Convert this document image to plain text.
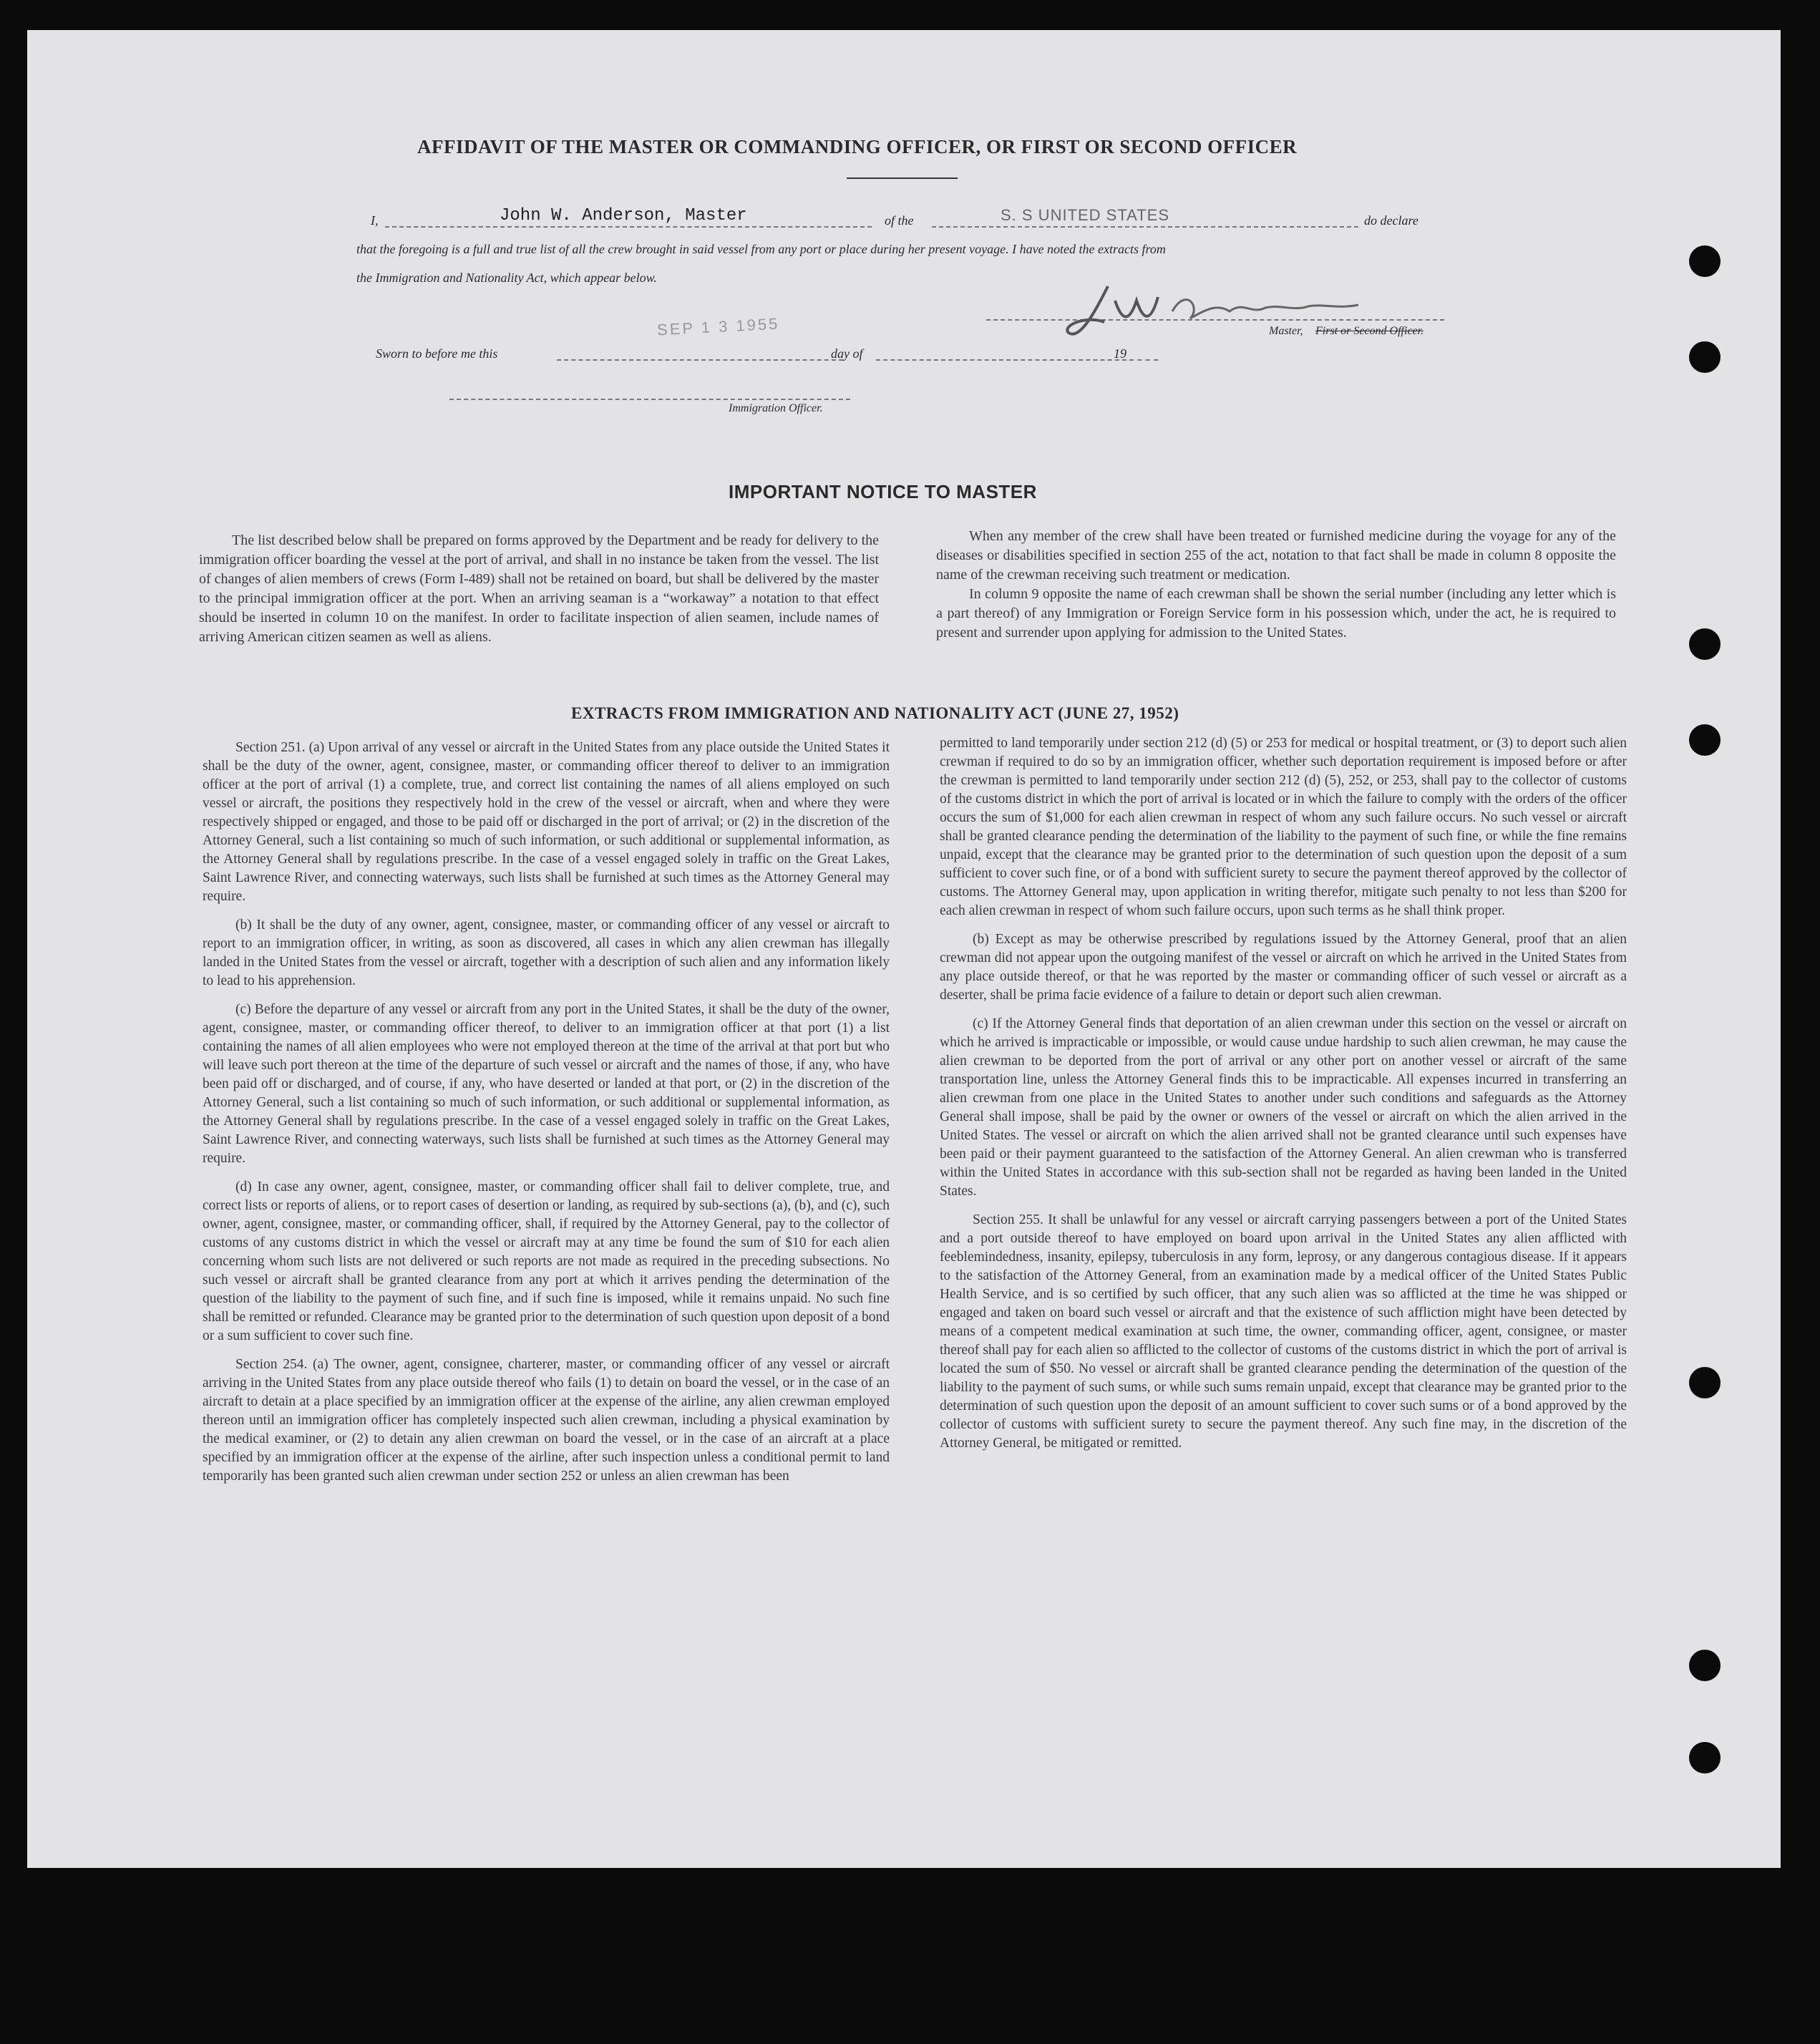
AFFIDAVIT OF THE MASTER OR COMMANDING OFFICER, OR FIRST OR SECOND OFFICER
I,	John W. Anderson, Master	of the	S. S UNITED STATES	do declare
that the foregoing is a full and true list of all the crew brought in said vessel from any port or place during her present voyage. I have noted the extracts from
the Immigration and Nationality Act, which appear below.
Master, First or Second Officer.
Sworn to before me this
SEP 1 3 1955
day of	19
Immigration Officer.
IMPORTANT NOTICE TO MASTER

The list described below shall be prepared on forms approved by the Department and be ready for delivery to the immigration officer boarding the vessel at the port of arrival, and shall in no instance be taken from the vessel. The list of changes of alien members of crews (Form I-489) shall not be retained on board, but shall be delivered by the master to the principal immigration officer at the port. When an arriving seaman is a “workaway” a notation to that effect should be inserted in column 10 on the manifest. In order to facilitate inspection of alien seamen, include names of arriving American citizen seamen as well as aliens.

When any member of the crew shall have been treated or furnished medicine during the voyage for any of the diseases or disabilities specified in section 255 of the act, notation to that fact shall be made in column 8 opposite the name of the crewman receiving such treatment or medication.

In column 9 opposite the name of each crewman shall be shown the serial number (including any letter which is a part thereof) of any Immigration or Foreign Service form in his possession which, under the act, he is required to present and surrender upon applying for admission to the United States.

EXTRACTS FROM IMMIGRATION AND NATIONALITY ACT (JUNE 27, 1952)

Section 251. (a) Upon arrival of any vessel or aircraft in the United States from any place outside the United States it shall be the duty of the owner, agent, consignee, master, or commanding officer thereof to deliver to an immigration officer at the port of arrival (1) a complete, true, and correct list containing the names of all aliens employed on such vessel or aircraft, the positions they respectively hold in the crew of the vessel or aircraft, when and where they were respectively shipped or engaged, and those to be paid off or discharged in the port of arrival; or (2) in the discretion of the Attorney General, such a list containing so much of such information, or such additional or supplemental information, as the Attorney General shall by regulations prescribe. In the case of a vessel engaged solely in traffic on the Great Lakes, Saint Lawrence River, and connecting waterways, such lists shall be furnished at such times as the Attorney General may require.

(b) It shall be the duty of any owner, agent, consignee, master, or commanding officer of any vessel or aircraft to report to an immigration officer, in writing, as soon as discovered, all cases in which any alien crewman has illegally landed in the United States from the vessel or aircraft, together with a description of such alien and any information likely to lead to his apprehension.

(c) Before the departure of any vessel or aircraft from any port in the United States, it shall be the duty of the owner, agent, consignee, master, or commanding officer thereof, to deliver to an immigration officer at that port (1) a list containing the names of all alien employees who were not employed thereon at the time of the arrival at that port but who will leave such port thereon at the time of the departure of such vessel or aircraft and the names of those, if any, who have been paid off or discharged, and of course, if any, who have deserted or landed at that port, or (2) in the discretion of the Attorney General, such a list containing so much of such information, or such additional or supplemental information, as the Attorney General shall by regulations prescribe. In the case of a vessel engaged solely in traffic on the Great Lakes, Saint Lawrence River, and connecting waterways, such lists shall be furnished at such times as the Attorney General may require.

(d) In case any owner, agent, consignee, master, or commanding officer shall fail to deliver complete, true, and correct lists or reports of aliens, or to report cases of desertion or landing, as required by sub-sections (a), (b), and (c), such owner, agent, consignee, master, or commanding officer, shall, if required by the Attorney General, pay to the collector of customs of any customs district in which the vessel or aircraft may at any time be found the sum of $10 for each alien concerning whom such lists are not delivered or such reports are not made as required in the preceding subsections. No such vessel or aircraft shall be granted clearance from any port at which it arrives pending the determination of the question of the liability to the payment of such fine, and if such fine is imposed, while it remains unpaid. No such fine shall be remitted or refunded. Clearance may be granted prior to the determination of such question upon deposit of a bond or a sum sufficient to cover such fine.

Section 254. (a) The owner, agent, consignee, charterer, master, or commanding officer of any vessel or aircraft arriving in the United States from any place outside thereof who fails (1) to detain on board the vessel, or in the case of an aircraft to detain at a place specified by an immigration officer at the expense of the airline, any alien crewman employed thereon until an immigration officer has completely inspected such alien crewman, including a physical examination by the medical examiner, or (2) to detain any alien crewman on board the vessel, or in the case of an aircraft at a place specified by an immigration officer at the expense of the airline, after such inspection unless a conditional permit to land temporarily has been granted such alien crewman under section 252 or unless an alien crewman has been

permitted to land temporarily under section 212 (d) (5) or 253 for medical or hospital treatment, or (3) to deport such alien crewman if required to do so by an immigration officer, whether such deportation requirement is imposed before or after the crewman is permitted to land temporarily under section 212 (d) (5), 252, or 253, shall pay to the collector of customs of the customs district in which the port of arrival is located or in which the failure to comply with the orders of the officer occurs the sum of $1,000 for each alien crewman in respect of whom any such failure occurs. No such vessel or aircraft shall be granted clearance pending the determination of the liability to the payment of such fine, or while the fine remains unpaid, except that the clearance may be granted prior to the determination of such question upon the deposit of a sum sufficient to cover such fine, or of a bond with sufficient surety to secure the payment thereof approved by the collector of customs. The Attorney General may, upon application in writing therefor, mitigate such penalty to not less than $200 for each alien crewman in respect of whom such failure occurs, upon such terms as he shall think proper.

(b) Except as may be otherwise prescribed by regulations issued by the Attorney General, proof that an alien crewman did not appear upon the outgoing manifest of the vessel or aircraft on which he arrived in the United States from any place outside thereof, or that he was reported by the master or commanding officer of such vessel or aircraft as a deserter, shall be prima facie evidence of a failure to detain or deport such alien crewman.

(c) If the Attorney General finds that deportation of an alien crewman under this section on the vessel or aircraft on which he arrived is impracticable or impossible, or would cause undue hardship to such alien crewman, he may cause the alien crewman to be deported from the port of arrival or any other port on another vessel or aircraft of the same transportation line, unless the Attorney General finds this to be impracticable. All expenses incurred in transferring an alien crewman from one place in the United States to another under such conditions and safeguards as the Attorney General shall impose, shall be paid by the owner or owners of the vessel or aircraft on which the alien arrived in the United States. The vessel or aircraft on which the alien arrived shall not be granted clearance until such expenses have been paid or their payment guaranteed to the satisfaction of the Attorney General. An alien crewman who is transferred within the United States in accordance with this sub-section shall not be regarded as having been landed in the United States.

Section 255. It shall be unlawful for any vessel or aircraft carrying passengers between a port of the United States and a port outside thereof to have employed on board upon arrival in the United States any alien afflicted with feeblemindedness, insanity, epilepsy, tuberculosis in any form, leprosy, or any dangerous contagious disease. If it appears to the satisfaction of the Attorney General, from an examination made by a medical officer of the United States Public Health Service, and is so certified by such officer, that any such alien was so afflicted at the time he was shipped or engaged and taken on board such vessel or aircraft and that the existence of such affliction might have been detected by means of a competent medical examination at such time, the owner, commanding officer, agent, consignee, or master thereof shall pay for each alien so afflicted to the collector of customs of the customs district in which the port of arrival is located the sum of $50. No vessel or aircraft shall be granted clearance pending the determination of the question of the liability to the payment of such sums, or while such sums remain unpaid, except that clearance may be granted prior to the determination of such question upon the deposit of an amount sufficient to cover such sums or of a bond approved by the collector of customs with sufficient surety to secure the payment thereof. Any such fine may, in the discretion of the Attorney General, be mitigated or remitted.
